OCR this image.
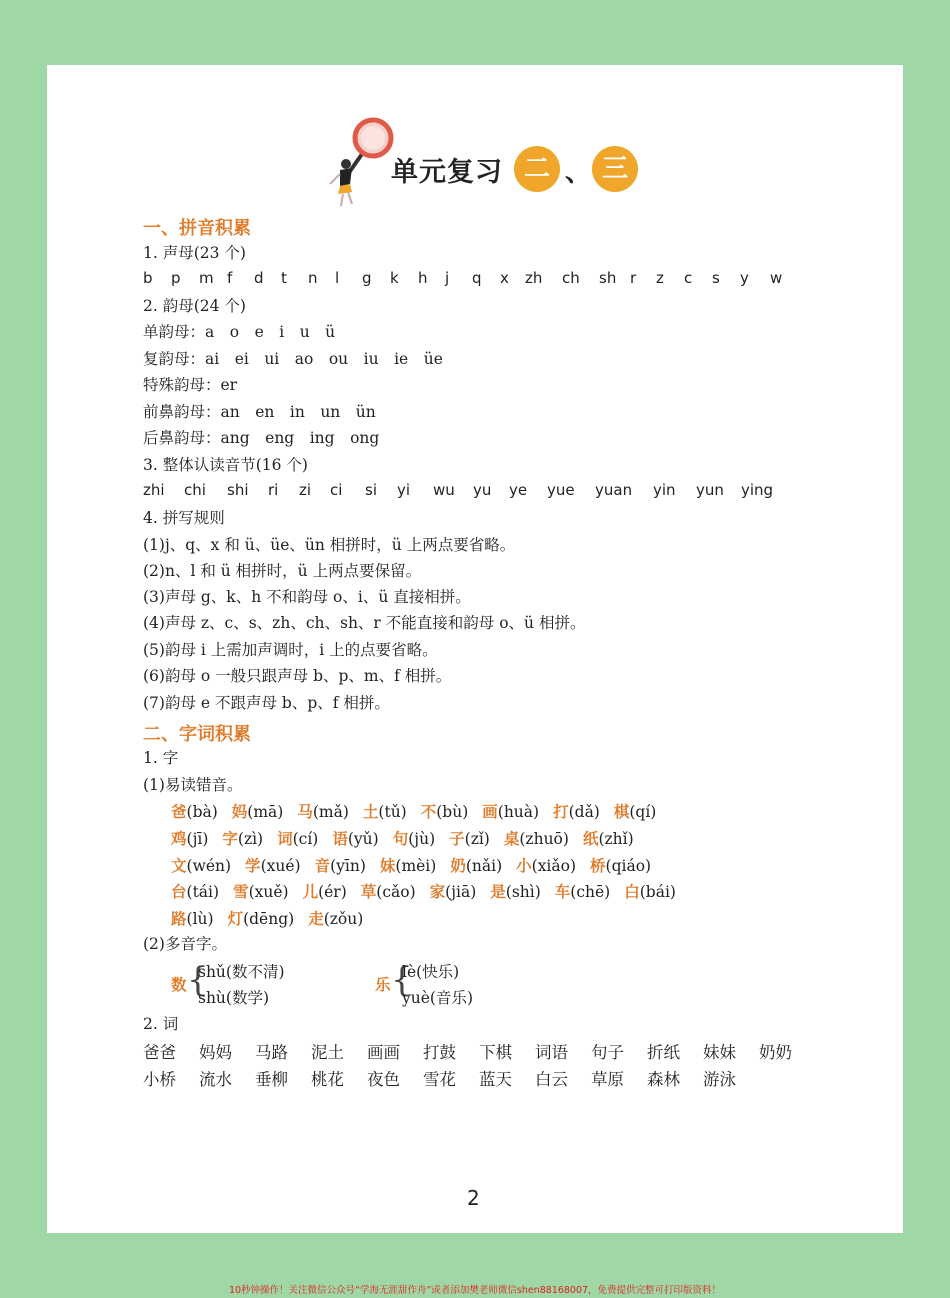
单元复习 二 、 三
一、拼音积累
1. 声母(23 个)
b p m f d t n l g k h j q x zh ch sh r z c s y w
2. 韵母(24 个)
单韵母：a　o　e　i　u　ü
复韵母：ai　ei　ui　ao　ou　iu　ie　üe
特殊韵母：er
前鼻韵母：an　en　in　un　ün
后鼻韵母：ang　eng　ing　ong
3. 整体认读音节(16 个)
zhi chi shi ri zi ci si yi wu yu ye yue yuan yin yun ying
4. 拼写规则
(1)j、q、x 和 ü、üe、ün 相拼时，ü 上两点要省略。
(2)n、l 和 ü 相拼时，ü 上两点要保留。
(3)声母 g、k、h 不和韵母 o、i、ü 直接相拼。
(4)声母 z、c、s、zh、ch、sh、r 不能直接和韵母 o、ü 相拼。
(5)韵母 i 上需加声调时，i 上的点要省略。
(6)韵母 o 一般只跟声母 b、p、m、f 相拼。
(7)韵母 e 不跟声母 b、p、f 相拼。
二、字词积累
1. 字
(1)易读错音。
爸(bà) 妈(mā) 马(mǎ) 土(tǔ) 不(bù) 画(huà) 打(dǎ) 棋(qí)
鸡(jī) 字(zì) 词(cí) 语(yǔ) 句(jù) 子(zǐ) 桌(zhuō) 纸(zhǐ)
文(wén) 学(xué) 音(yīn) 妹(mèi) 奶(nǎi) 小(xiǎo) 桥(qiáo)
台(tái) 雪(xuě) 儿(ér) 草(cǎo) 家(jiā) 是(shì) 车(chē) 白(bái)
路(lù) 灯(dēng) 走(zǒu)
(2)多音字。
数 {
shǔ(数不清)
shù(数学)
乐 {
lè(快乐)
yuè(音乐)
2. 词
爸爸 妈妈 马路 泥土 画画 打鼓 下棋 词语 句子 折纸 妹妹 奶奶
小桥 流水 垂柳 桃花 夜色 雪花 蓝天 白云 草原 森林 游泳
2
10秒钟操作！关注微信公众号“学海无涯甜作舟”或者添加樊老师微信shen88168007，免费提供完整可打印版资料！
